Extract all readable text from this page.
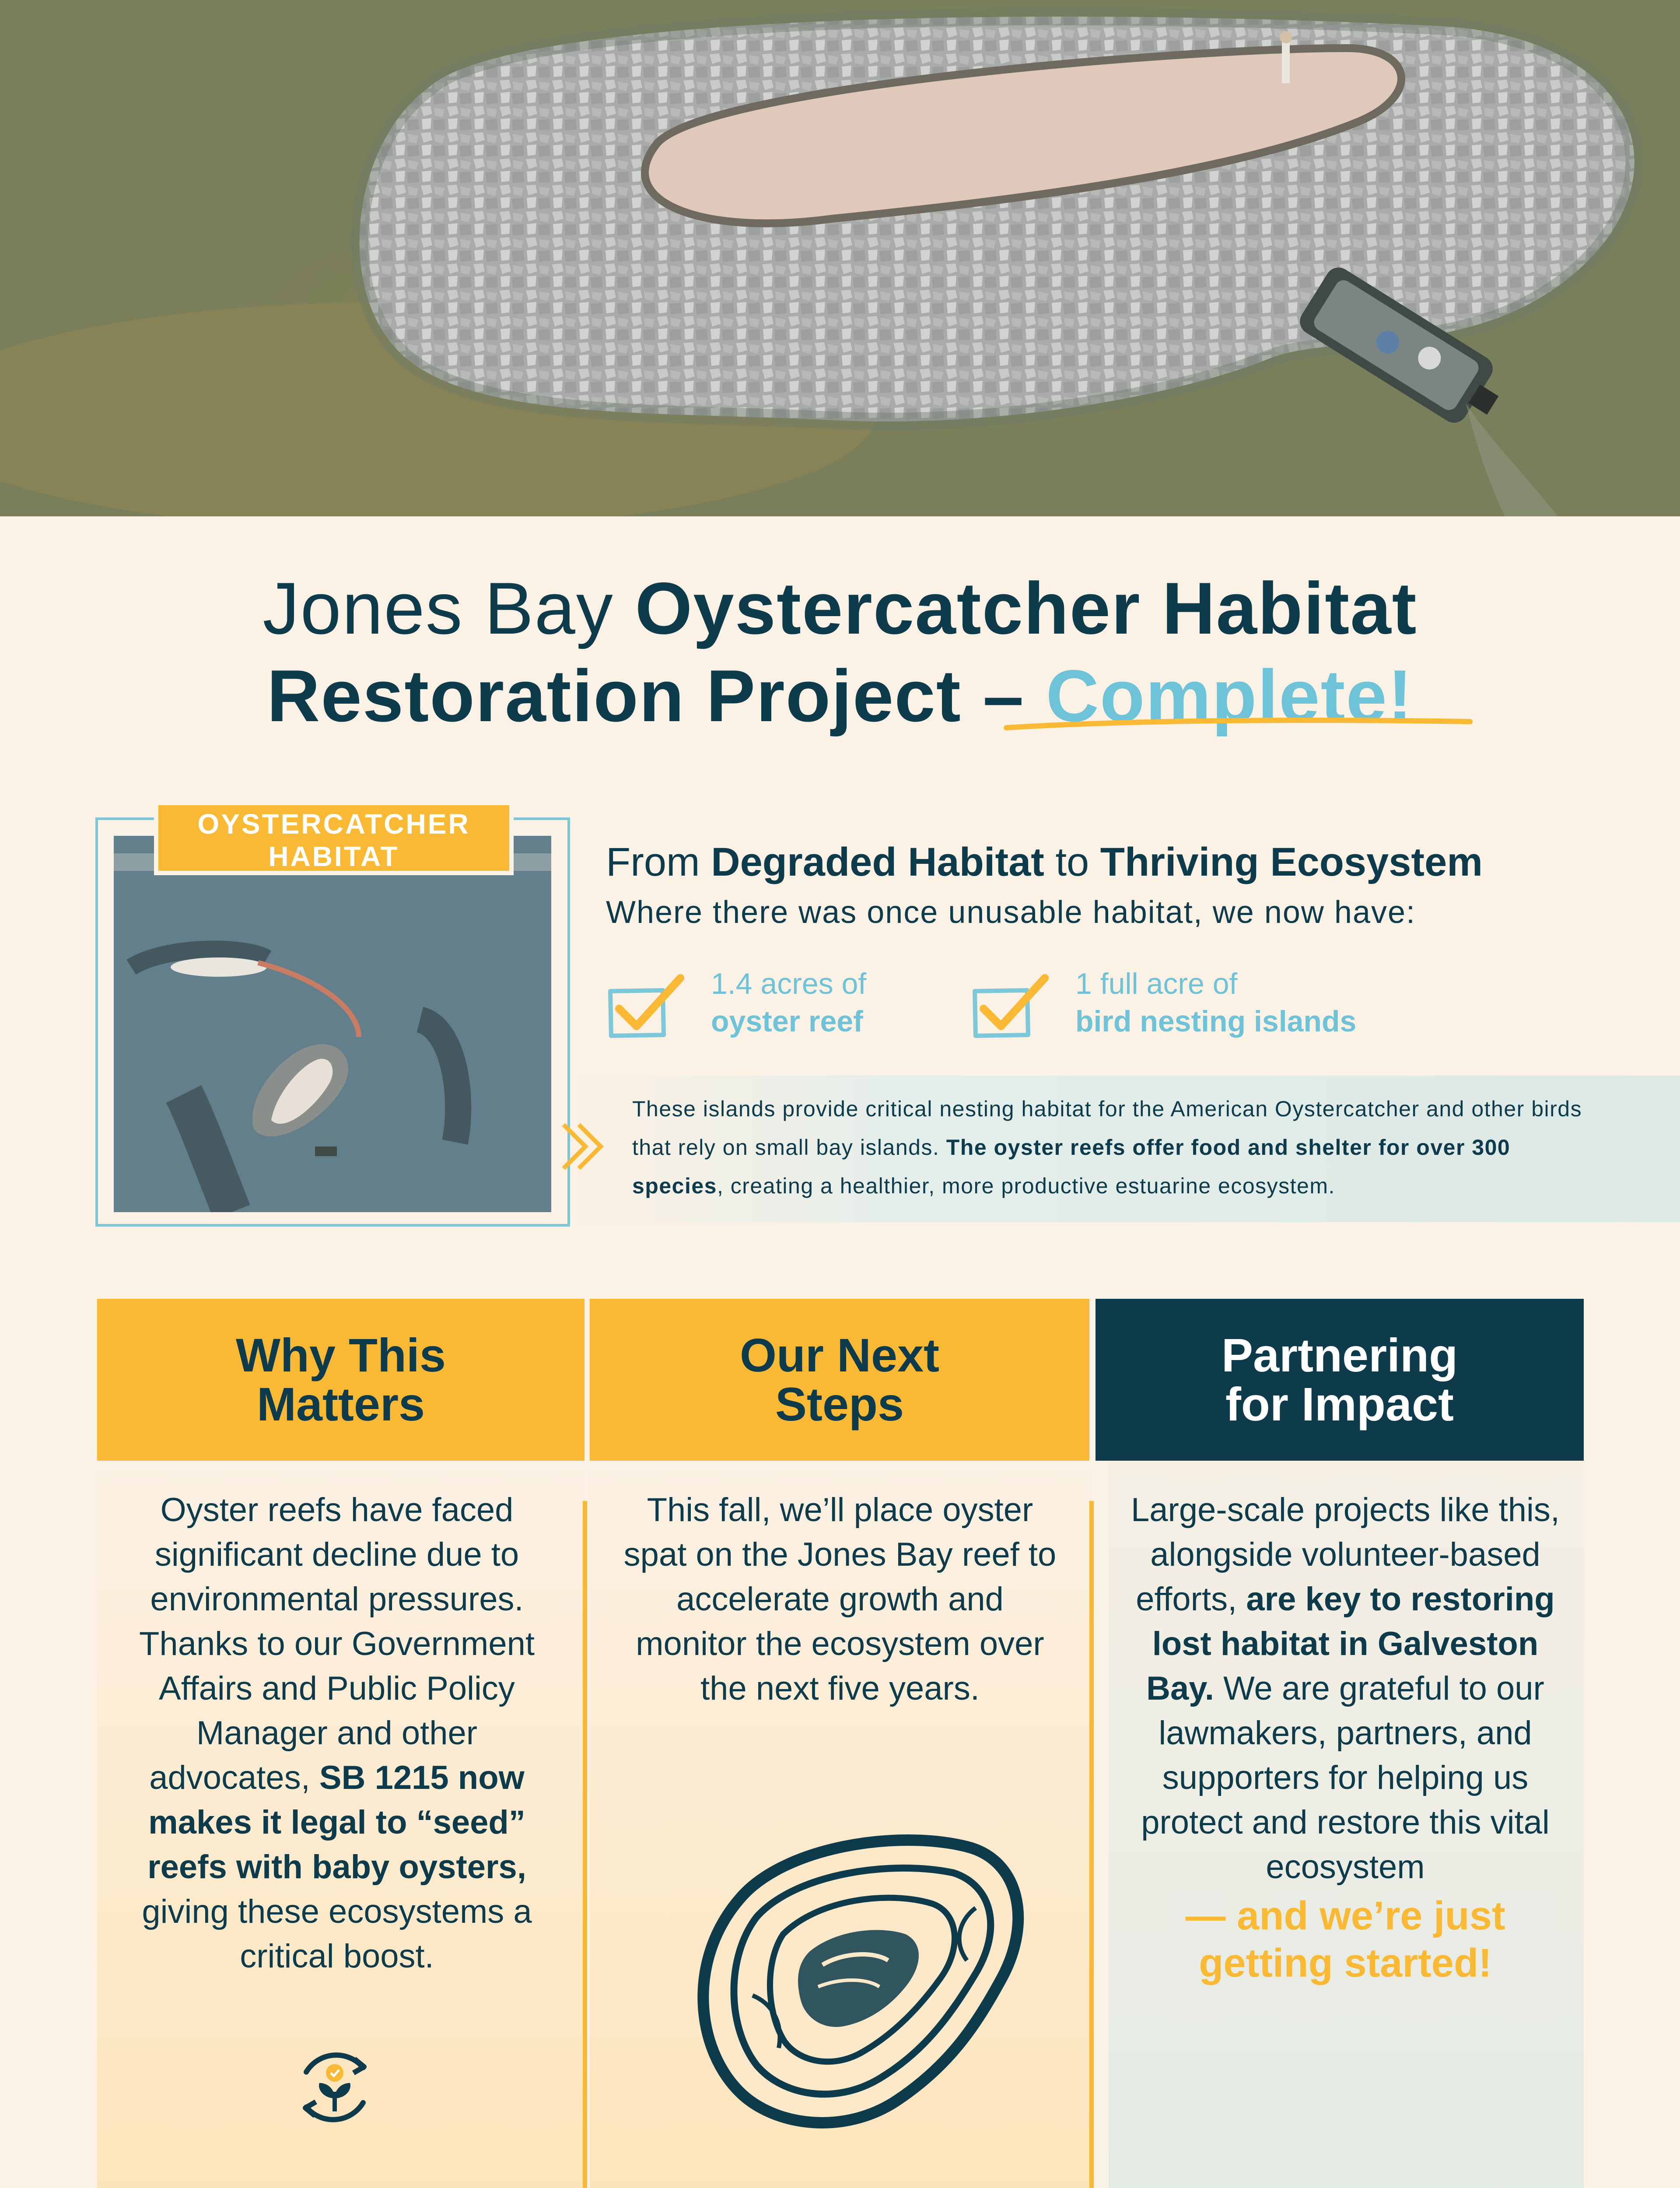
Jones Bay Oystercatcher Habitat
Restoration Project – Complete!
OYSTERCATCHER
HABITAT	From Degraded Habitat to Thriving Ecosystem
Where there was once unusable habitat, we now have:
1.4 acres of
oyster reef
1 full acre of
bird nesting islands
These islands provide critical nesting habitat for the American Oystercatcher and other birds that rely on small bay islands. The oyster reefs offer food and shelter for over 300 species, creating a healthier, more productive estuarine ecosystem.
Why This
Matters
Our Next
Steps
Partnering
for Impact
Oyster reefs have faced significant decline due to environmental pressures. Thanks to our Government Affairs and Public Policy Manager and other advocates, SB 1215 now makes it legal to “seed” reefs with baby oysters, giving these ecosystems a critical boost.
This fall, we’ll place oyster spat on the Jones Bay reef to accelerate growth and monitor the ecosystem over the next five years.
Large-scale projects like this, alongside volunteer-based efforts, are key to restoring lost habitat in Galveston Bay. We are grateful to our lawmakers, partners, and supporters for helping us protect and restore this vital ecosystem
— and we’re just getting started!
